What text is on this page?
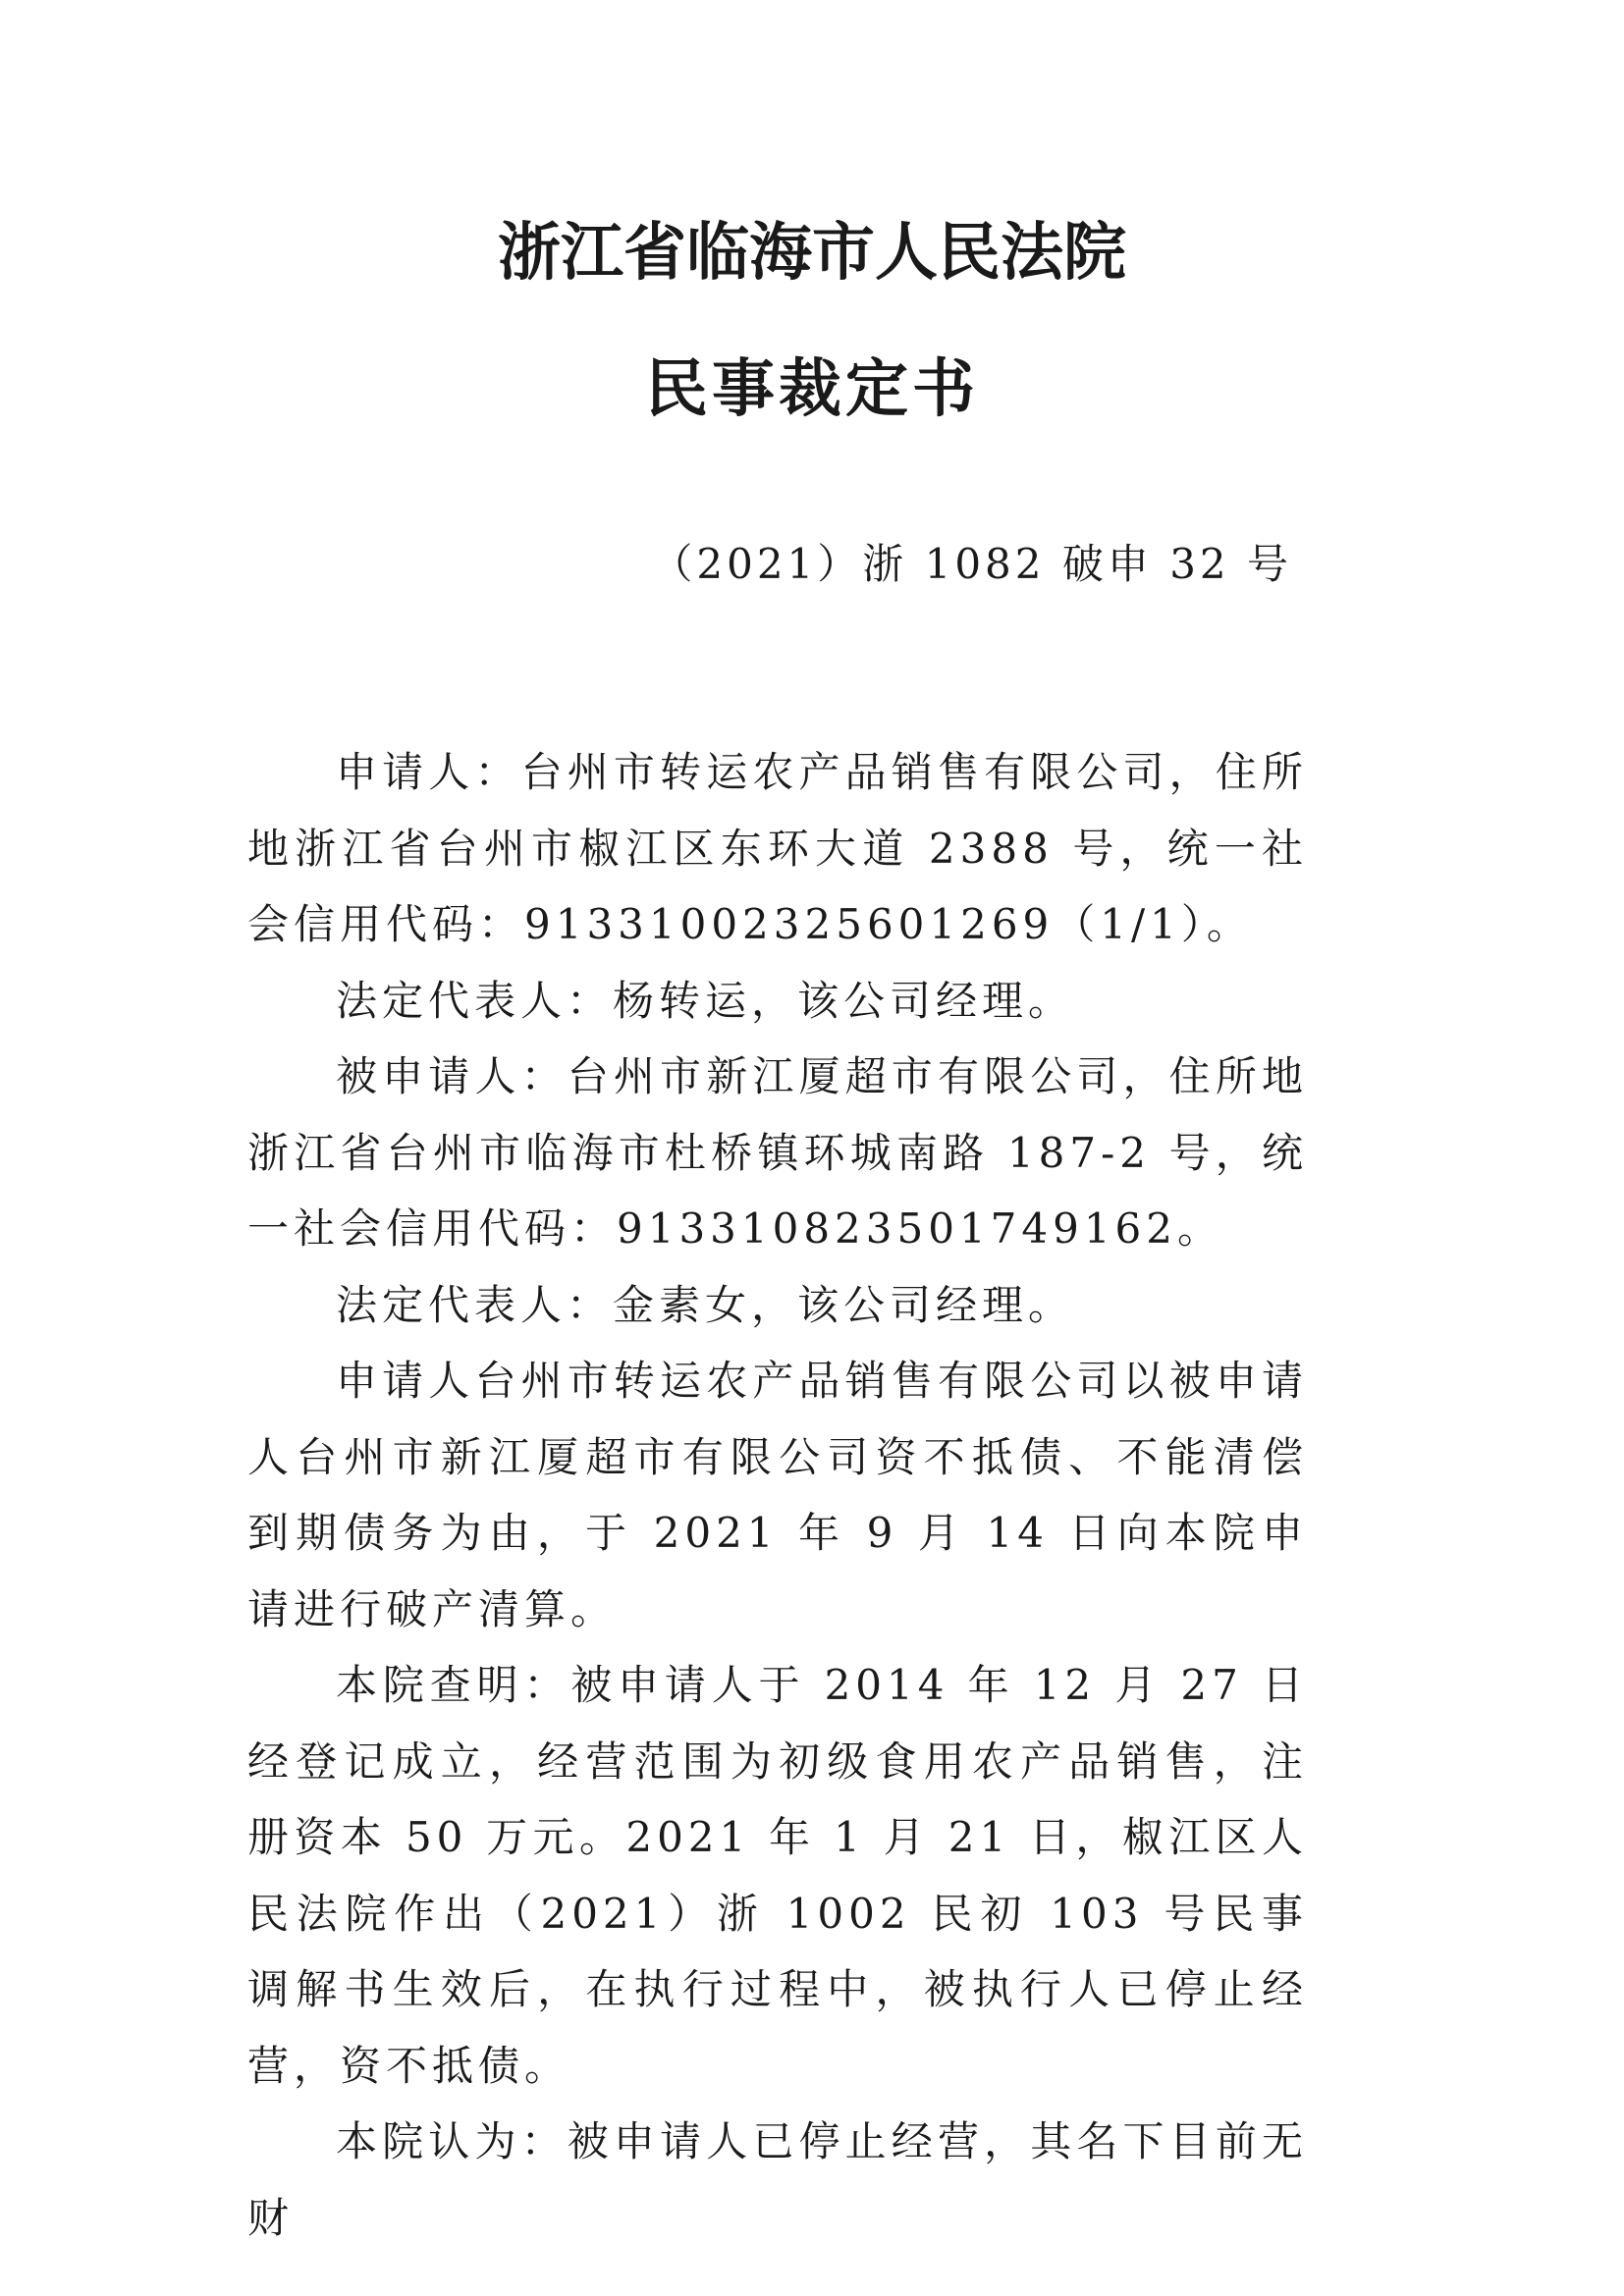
浙江省临海市人民法院
民事裁定书
（2021）浙 1082 破申 32 号

申请人：台州市转运农产品销售有限公司，住所地浙江省台州市椒江区东环大道 2388 号，统一社会信用代码：91331002325601269（1/1）。

法定代表人：杨转运，该公司经理。

被申请人：台州市新江厦超市有限公司，住所地浙江省台州市临海市杜桥镇环城南路 187-2 号，统一社会信用代码：913310823501749162。

法定代表人：金素女，该公司经理。

申请人台州市转运农产品销售有限公司以被申请人台州市新江厦超市有限公司资不抵债、不能清偿到期债务为由，于 2021 年 9 月 14 日向本院申请进行破产清算。

本院查明：被申请人于 2014 年 12 月 27 日经登记成立，经营范围为初级食用农产品销售，注册资本 50 万元。2021 年 1 月 21 日，椒江区人民法院作出（2021）浙 1002 民初 103 号民事调解书生效后，在执行过程中，被执行人已停止经营，资不抵债。

本院认为：被申请人已停止经营，其名下目前无财
